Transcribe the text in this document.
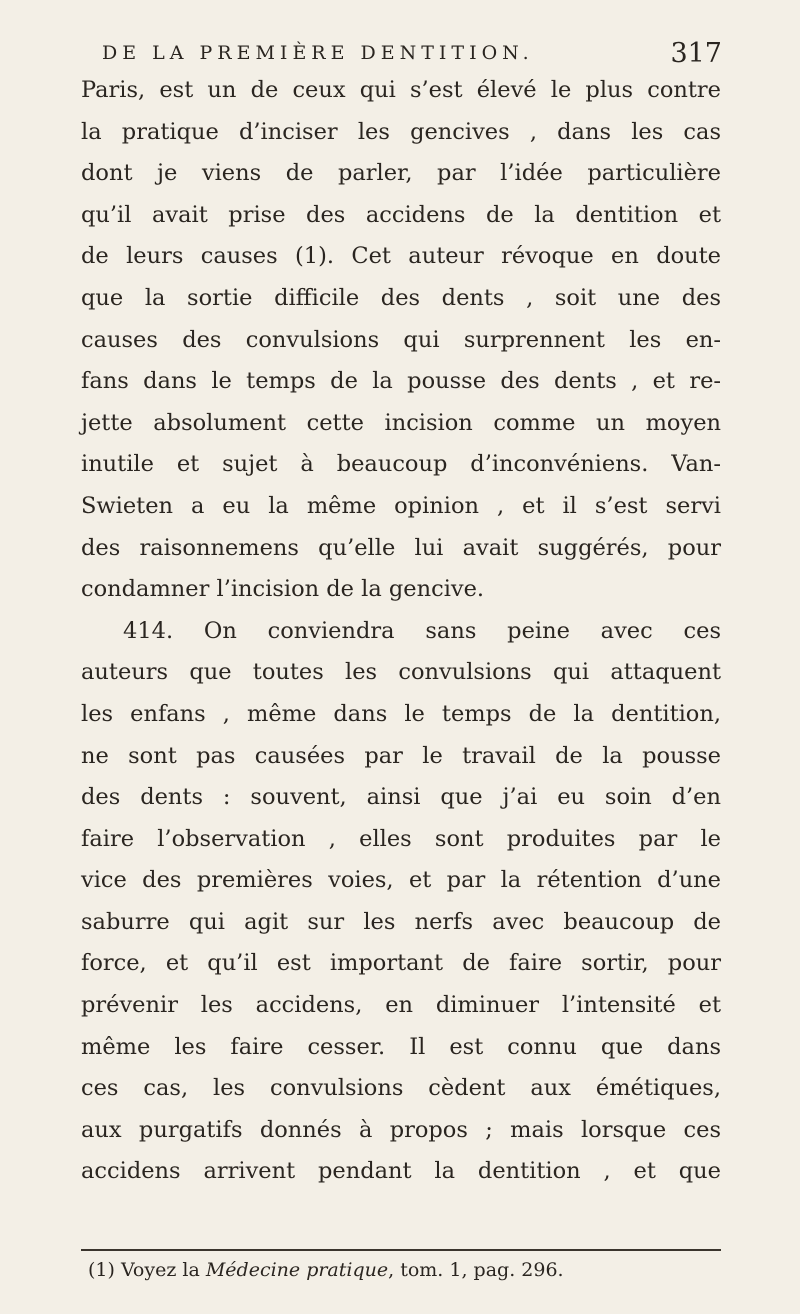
DE LA PREMIÈRE DENTITION.	317
Paris, est un de ceux qui s’est élevé le plus contre
la pratique d’inciser les gencives , dans les cas
dont je viens de parler, par l’idée particulière
qu’il avait prise des accidens de la dentition et
de leurs causes (1). Cet auteur révoque en doute
que la sortie difficile des dents , soit une des
causes des convulsions qui surprennent les en-
fans dans le temps de la pousse des dents , et re-
jette absolument cette incision comme un moyen
inutile et sujet à beaucoup d’inconvéniens. Van-
Swieten a eu la même opinion , et il s’est servi
des raisonnemens qu’elle lui avait suggérés, pour
condamner l’incision de la gencive.
414. On conviendra sans peine avec ces
auteurs que toutes les convulsions qui attaquent
les enfans , même dans le temps de la dentition,
ne sont pas causées par le travail de la pousse
des dents : souvent, ainsi que j’ai eu soin d’en
faire l’observation , elles sont produites par le
vice des premières voies, et par la rétention d’une
saburre qui agit sur les nerfs avec beaucoup de
force, et qu’il est important de faire sortir, pour
prévenir les accidens, en diminuer l’intensité et
même les faire cesser. Il est connu que dans
ces cas, les convulsions cèdent aux émétiques,
aux purgatifs donnés à propos ; mais lorsque ces
accidens arrivent pendant la dentition , et que
(1) Voyez la Médecine pratique, tom. 1, pag. 296.
